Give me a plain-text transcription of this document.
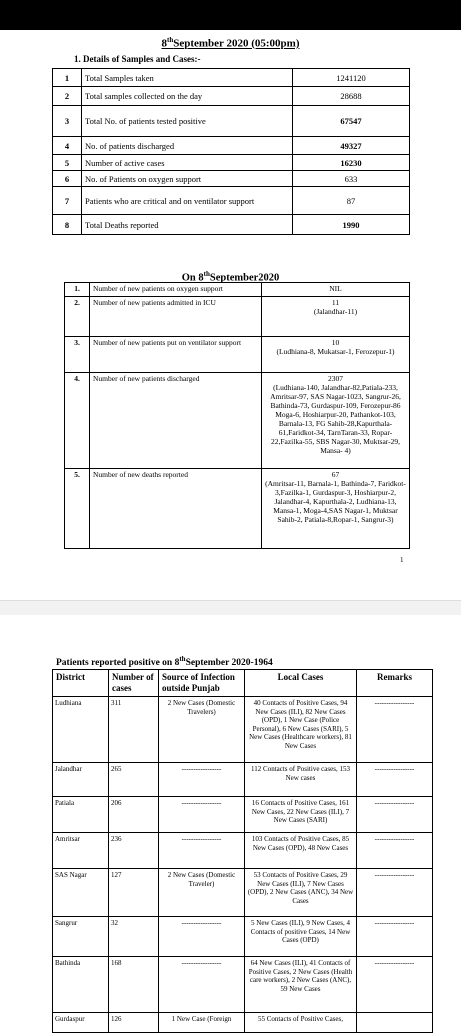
8thSeptember 2020 (05:00pm)
1. Details of Samples and Cases:-
1	Total Samples taken	1241120
2	Total samples collected on the day	28688
3	Total No. of patients tested positive	67547
4	No. of patients discharged	49327
5	Number of active cases	16230
6	No. of Patients on oxygen support	633
7	Patients who are critical and on ventilator support	87
8	Total Deaths reported	1990
On 8thSeptember2020
1.	Number of new patients on oxygen support	NIL
2.	Number of new patients admitted in ICU	11
(Jalandhar-11)
3.	Number of new patients put on ventilator support	10
(Ludhiana-8, Mukatsar-1, Ferozepur-1)
4.	Number of new patients discharged	2307
(Ludhiana-140, Jalandhar-82,Patiala-233, Amritsar-97, SAS Nagar-1023, Sangrur-26, Bathinda-73, Gurdaspur-109, Ferozepur-86 Moga-6, Hoshiarpur-20, Pathankot-103, Barnala-13, FG Sahib-28,Kapurthala-61,Faridkot-34, TarnTaran-33, Ropar-22,Fazilka-55, SBS Nagar-30, Muktsar-29, Mansa- 4)
5.	Number of new deaths reported	67
(Amritsar-11, Barnala-1, Bathinda-7, Faridkot-3,Fazilka-1, Gurdaspur-3, Hoshiarpur-2, Jalandhar-4, Kapurthala-2, Ludhiana-13, Mansa-1, Moga-4,SAS Nagar-1, Muktsar Sahib-2, Patiala-8,Ropar-1, Sangrur-3)
1
Patients reported positive on 8thSeptember 2020-1964
District	Number of cases	Source of Infection outside Punjab	Local Cases	Remarks
Ludhiana	311	2 New Cases (Domestic Travelers)	40 Contacts of Positive Cases, 94 New Cases (ILI), 82 New Cases (OPD), 1 New Case (Police Personal), 6 New Cases (SARI), 5 New Cases (Healthcare workers), 81 New Cases	-----------------
Jalandhar	265	-----------------	112 Contacts of Positive cases, 153 New cases	-----------------
Patiala	206	-----------------	16 Contacts of Positive Cases, 161 New Cases, 22 New Cases (ILI), 7 New Cases (SARI)	-----------------
Amritsar	236	-----------------	103 Contacts of Positive Cases, 85 New Cases (OPD), 48 New Cases	-----------------
SAS Nagar	127	2 New Cases (Domestic Traveler)	53 Contacts of Positive Cases, 29 New Cases (ILI), 7 New Cases (OPD), 2 New Cases (ANC), 34 New Cases	-----------------
Sangrur	32	-----------------	5 New Cases (ILI), 9 New Cases, 4 Contacts of positive Cases, 14 New Cases (OPD)	-----------------
Bathinda	168	-----------------	64 New Cases (ILI), 41 Contacts of Positive Cases, 2 New Cases (Health care workers), 2 New Cases (ANC), 59 New Cases	-----------------
Gurdaspur	126	1 New Case (Foreign	55 Contacts of Positive Cases,	
